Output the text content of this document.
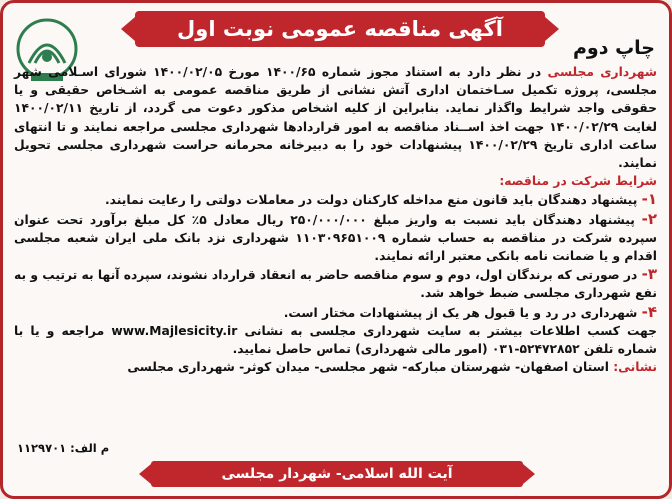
آگهی مناقصه عمومی نوبت اول
چاپ دوم

شهرداری مجلسی در نظر دارد به استناد مجوز شماره ۱۴۰۰/۶۵ مورخ ۱۴۰۰/۰۲/۰۵ شورای اسـلامی شهر مجلسی، پروژه تکمیل سـاختمان اداری آتش نشانی از طریق مناقصه عمومی به اشـخاص حقیقی و یا حقوقی واجد شرایط واگذار نماید. بنابراین از کلیه اشخاص مذکور دعوت می گردد، از تاریخ ۱۴۰۰/۰۲/۱۱ لغایت ۱۴۰۰/۰۲/۲۹ جهت اخذ اســناد مناقصه به امور قراردادها شهرداری مجلسی مراجعه نمایند و تا انتهای ساعت اداری تاریخ ۱۴۰۰/۰۲/۲۹ پیشنهادات خود را به دبیرخانه محرمانه حراست شهرداری مجلسی تحویل نمایند.

شرایط شرکت در مناقصه:

۱- پیشنهاد دهندگان باید قانون منع مداخله کارکنان دولت در معاملات دولتی را رعایت نمایند.

۲- پیشنهاد دهندگان باید نسبت به واریز مبلغ ۲۵۰/۰۰۰/۰۰۰ ریال معادل ۵٪ کل مبلغ برآورد تحت عنوان سپرده شرکت در مناقصه به حساب شماره ۱۱۰۳۰۹۶۵۱۰۰۹ شهرداری نزد بانک ملی ایران شعبه مجلسی اقدام و یا ضمانت نامه بانکی معتبر ارائه نمایند.

۳- در صورتی که برندگان اول، دوم و سوم مناقصه حاضر به انعقاد قرارداد نشوند، سپرده آنها به ترتیب و به نفع شهرداری مجلسی ضبط خواهد شد.

۴- شهرداری در رد و یا قبول هر یک از پیشنهادات مختار است.

جهت کسب اطلاعات بیشتر به سایت شهرداری مجلسی به نشانی www.Majlesicity.ir مراجعه و یا با شماره تلفن ۵۲۴۷۲۸۵۲-۰۳۱ (امور مالی شهرداری) تماس حاصل نمایید.

نشانی: استان اصفهان- شهرستان مبارکه- شهر مجلسی- میدان کوثر- شهرداری مجلسی

م الف: ۱۱۲۹۷۰۱
آیت الله اسلامی- شهردار مجلسی
